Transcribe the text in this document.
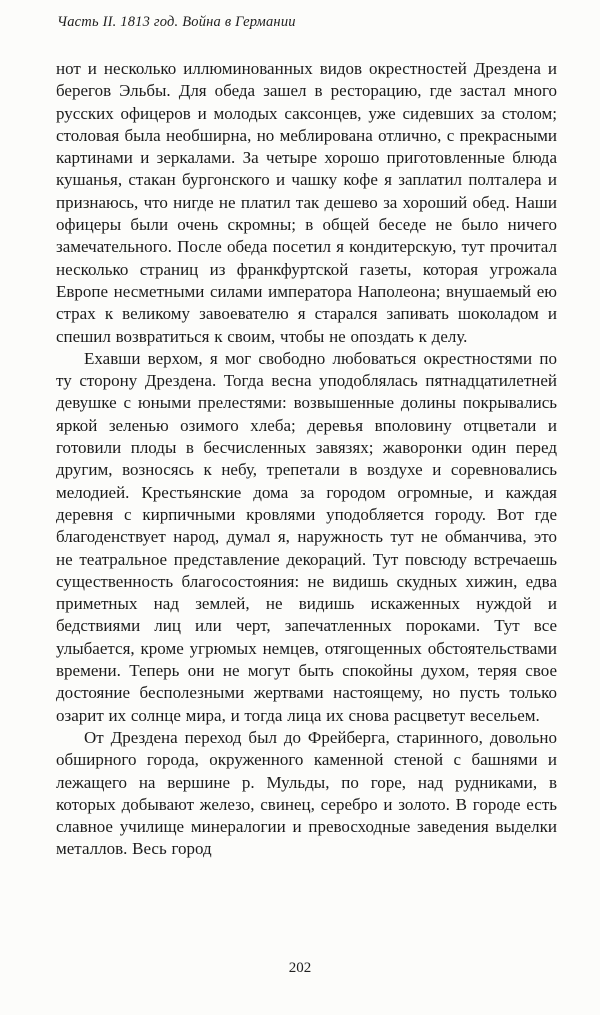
Часть II. 1813 год. Война в Германии

нот и несколько иллюминованных видов окрестностей Дрездена и берегов Эльбы. Для обеда зашел в ресторацию, где застал много русских офицеров и молодых саксонцев, уже сидевших за столом; столовая была необширна, но меблирована отлично, с прекрасными картинами и зеркалами. За четыре хорошо приготовленные блюда кушанья, стакан бургонского и чашку кофе я заплатил полталера и признаюсь, что нигде не платил так дешево за хороший обед. Наши офицеры были очень скромны; в общей беседе не было ничего замечательного. После обеда посетил я кондитерскую, тут прочитал несколько страниц из франкфуртской газеты, которая угрожала Европе несметными силами императора Наполеона; внушаемый ею страх к великому завоевателю я старался запивать шоколадом и спешил возвратиться к своим, чтобы не опоздать к делу.

Ехавши верхом, я мог свободно любоваться окрестностями по ту сторону Дрездена. Тогда весна уподоблялась пятнадцатилетней девушке с юными прелестями: возвышенные долины покрывались яркой зеленью озимого хлеба; деревья вполовину отцветали и готовили плоды в бесчисленных завязях; жаворонки один перед другим, возносясь к небу, трепетали в воздухе и соревновались мелодией. Крестьянские дома за городом огромные, и каждая деревня с кирпичными кровлями уподобляется городу. Вот где благоденствует народ, думал я, наружность тут не обманчива, это не театральное представление декораций. Тут повсюду встречаешь существенность благосостояния: не видишь скудных хижин, едва приметных над землей, не видишь искаженных нуждой и бедствиями лиц или черт, запечатленных пороками. Тут все улыбается, кроме угрюмых немцев, отягощенных обстоятельствами времени. Теперь они не могут быть спокойны духом, теряя свое достояние бесполезными жертвами настоящему, но пусть только озарит их солнце мира, и тогда лица их снова расцветут весельем.

От Дрездена переход был до Фрейберга, старинного, довольно обширного города, окруженного каменной стеной с башнями и лежащего на вершине р. Мульды, по горе, над рудниками, в которых добывают железо, свинец, серебро и золото. В городе есть славное училище минералогии и превосходные заведения выделки металлов. Весь город

202
